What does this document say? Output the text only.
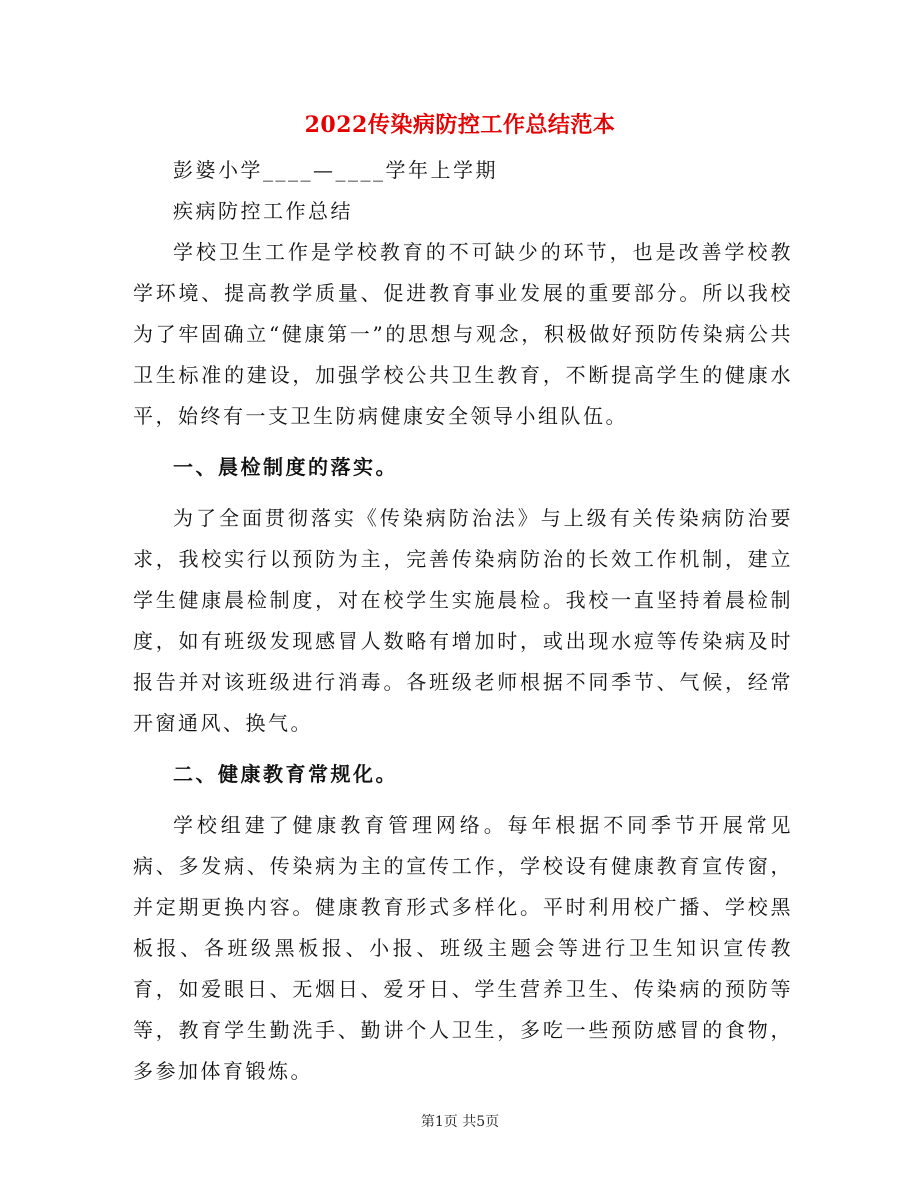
2022传染病防控工作总结范本
彭婆小学____—____学年上学期
疾病防控工作总结

学校卫生工作是学校教育的不可缺少的环节，也是改善学校教学环境、提高教学质量、促进教育事业发展的重要部分。所以我校为了牢固确立“健康第一”的思想与观念，积极做好预防传染病公共卫生标准的建设，加强学校公共卫生教育，不断提高学生的健康水平，始终有一支卫生防病健康安全领导小组队伍。

一、晨检制度的落实。

为了全面贯彻落实《传染病防治法》与上级有关传染病防治要求，我校实行以预防为主，完善传染病防治的长效工作机制，建立学生健康晨检制度，对在校学生实施晨检。我校一直坚持着晨检制度，如有班级发现感冒人数略有增加时，或出现水痘等传染病及时报告并对该班级进行消毒。各班级老师根据不同季节、气候，经常开窗通风、换气。

二、健康教育常规化。

学校组建了健康教育管理网络。每年根据不同季节开展常见病、多发病、传染病为主的宣传工作，学校设有健康教育宣传窗，并定期更换内容。健康教育形式多样化。平时利用校广播、学校黑板报、各班级黑板报、小报、班级主题会等进行卫生知识宣传教育，如爱眼日、无烟日、爱牙日、学生营养卫生、传染病的预防等等，教育学生勤洗手、勤讲个人卫生，多吃一些预防感冒的食物，多参加体育锻炼。

第1页 共5页
